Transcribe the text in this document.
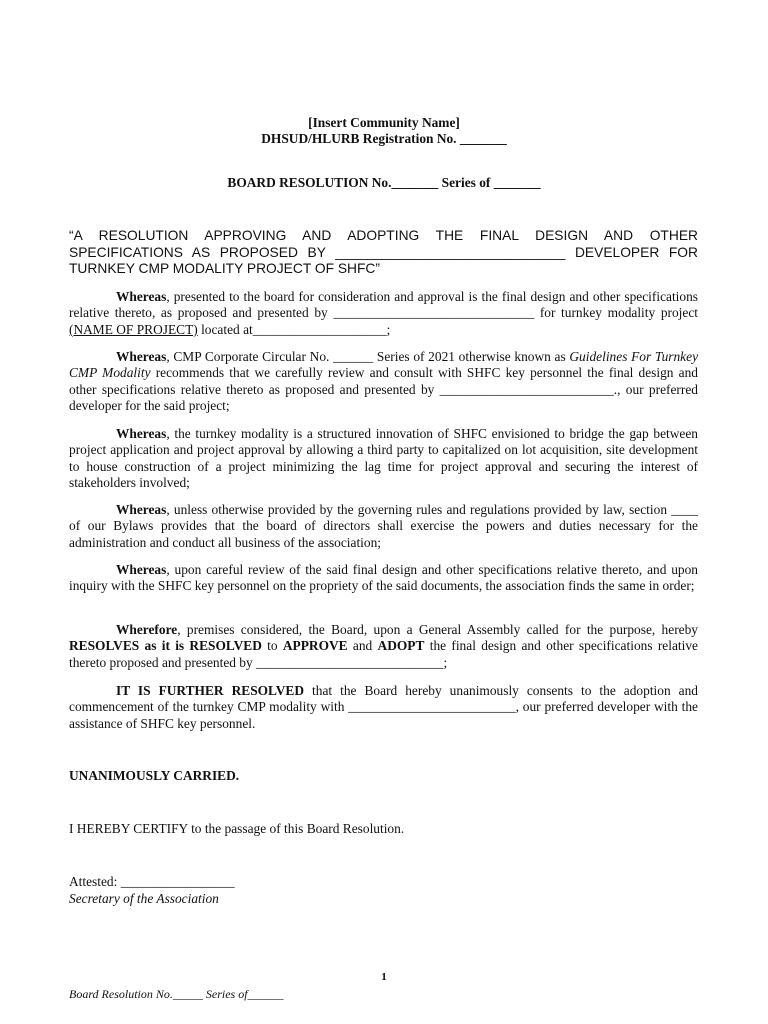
[Insert Community Name]
DHSUD/HLURB Registration No. _______
BOARD RESOLUTION No._______ Series of _______
“A RESOLUTION APPROVING AND ADOPTING THE FINAL DESIGN AND OTHER SPECIFICATIONS AS PROPOSED BY ______________________________ DEVELOPER FOR TURNKEY CMP MODALITY PROJECT OF SHFC”
Whereas, presented to the board for consideration and approval is the final design and other specifications relative thereto, as proposed and presented by ______________________________ for turnkey modality project (NAME OF PROJECT) located at____________________;
Whereas, CMP Corporate Circular No. ______ Series of 2021 otherwise known as Guidelines For Turnkey CMP Modality recommends that we carefully review and consult with SHFC key personnel the final design and other specifications relative thereto as proposed and presented by __________________________., our preferred developer for the said project;
Whereas, the turnkey modality is a structured innovation of SHFC envisioned to bridge the gap between project application and project approval by allowing a third party to capitalized on lot acquisition, site development to house construction of a project minimizing the lag time for project approval and securing the interest of stakeholders involved;
Whereas, unless otherwise provided by the governing rules and regulations provided by law, section ____ of our Bylaws provides that the board of directors shall exercise the powers and duties necessary for the administration and conduct all business of the association;
Whereas, upon careful review of the said final design and other specifications relative thereto, and upon inquiry with the SHFC key personnel on the propriety of the said documents, the association finds the same in order;
Wherefore, premises considered, the Board, upon a General Assembly called for the purpose, hereby RESOLVES as it is RESOLVED to APPROVE and ADOPT the final design and other specifications relative thereto proposed and presented by ____________________________;
IT IS FURTHER RESOLVED that the Board hereby unanimously consents to the adoption and commencement of the turnkey CMP modality with _________________________, our preferred developer with the assistance of SHFC key personnel.
UNANIMOUSLY CARRIED.
I HEREBY CERTIFY to the passage of this Board Resolution.
Attested: _________________
Secretary of the Association
1
Board Resolution No._____ Series of______
